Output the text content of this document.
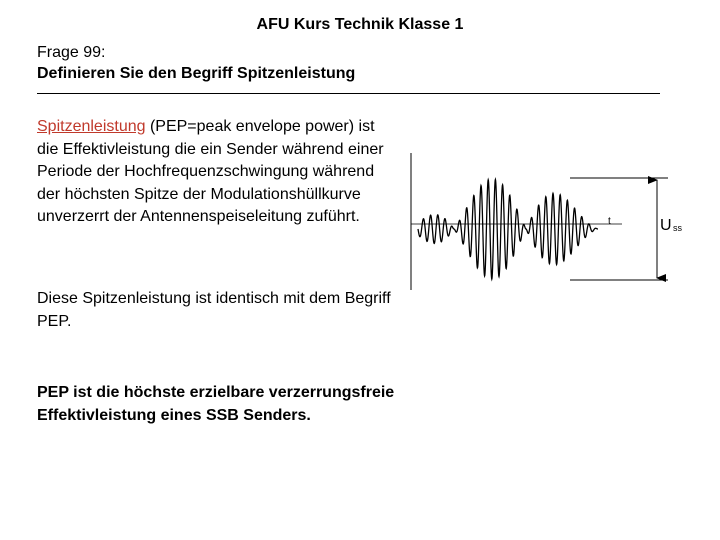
AFU Kurs Technik Klasse 1
Frage 99:
Definieren Sie den Begriff Spitzenleistung

Spitzenleistung (PEP=peak envelope power) ist die Effektivleistung die ein Sender während einer Periode der Hochfrequenzschwingung während der höchsten Spitze der Modulationshüllkurve unverzerrt der Antennenspeiseleitung zuführt.

Diese Spitzenleistung ist identisch mit dem Begriff PEP.

PEP ist die höchste erzielbare verzerrungsfreie Effektivleistung eines SSB Senders.

t	U ss
